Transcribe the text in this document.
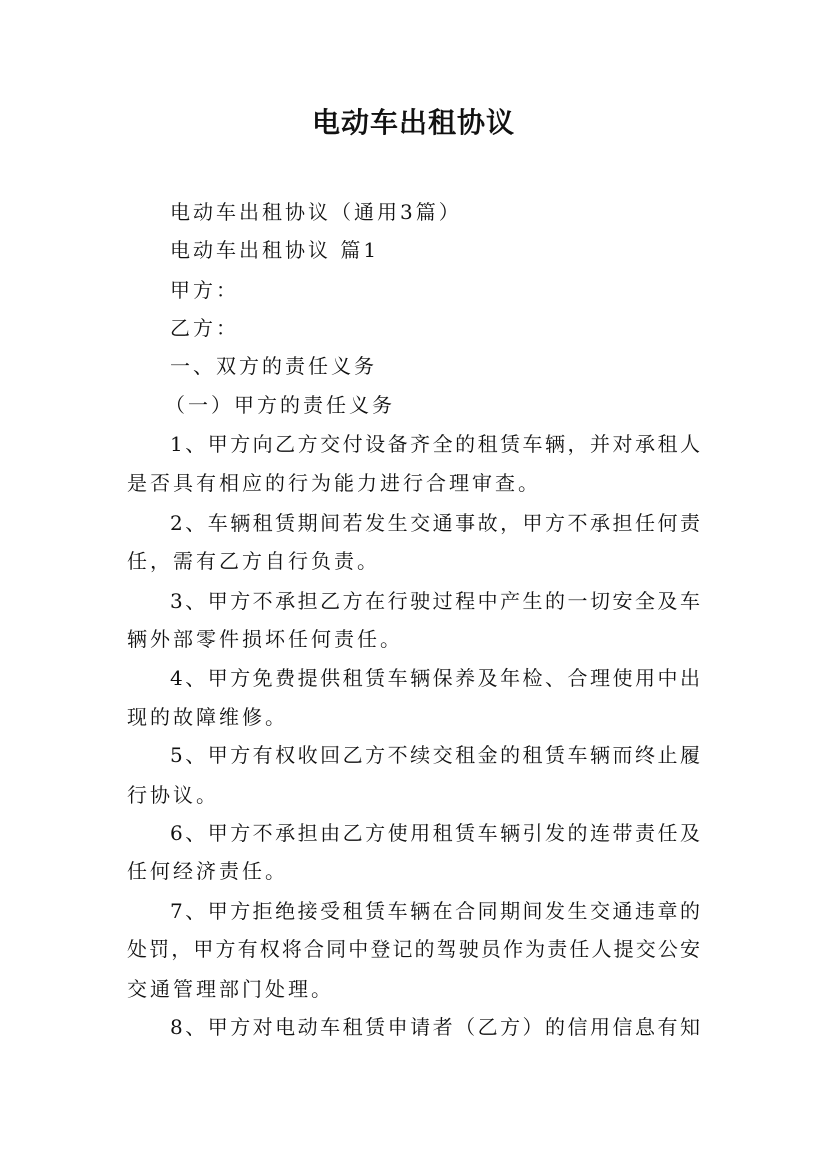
电动车出租协议
电动车出租协议（通用3篇）
电动车出租协议 篇1
甲方：
乙方：
一、双方的责任义务
（一）甲方的责任义务
1、甲方向乙方交付设备齐全的租赁车辆，并对承租人
是否具有相应的行为能力进行合理审查。
2、车辆租赁期间若发生交通事故，甲方不承担任何责
任，需有乙方自行负责。
3、甲方不承担乙方在行驶过程中产生的一切安全及车
辆外部零件损坏任何责任。
4、甲方免费提供租赁车辆保养及年检、合理使用中出
现的故障维修。
5、甲方有权收回乙方不续交租金的租赁车辆而终止履
行协议。
6、甲方不承担由乙方使用租赁车辆引发的连带责任及
任何经济责任。
7、甲方拒绝接受租赁车辆在合同期间发生交通违章的
处罚，甲方有权将合同中登记的驾驶员作为责任人提交公安
交通管理部门处理。
8、甲方对电动车租赁申请者（乙方）的信用信息有知
